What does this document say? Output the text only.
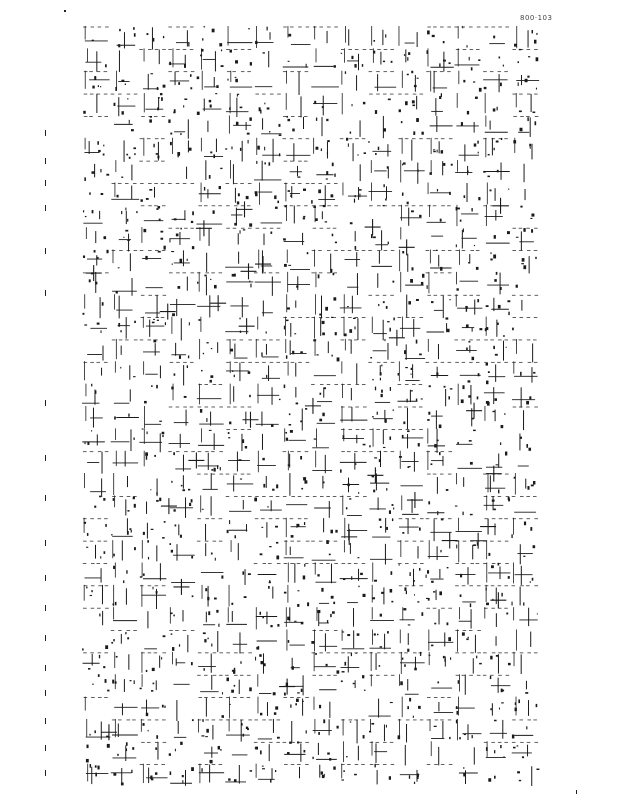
800·103
